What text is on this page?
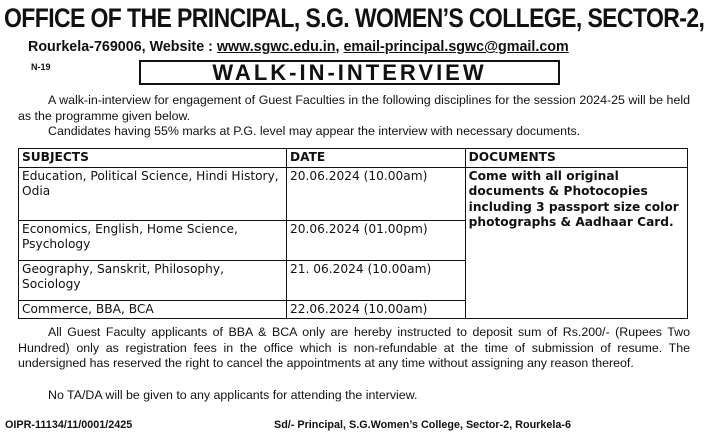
OFFICE OF THE PRINCIPAL, S.G. WOMEN’S COLLEGE, SECTOR-2,
Rourkela-769006, Website : www.sgwc.edu.in, email-principal.sgwc@gmail.com
N-19	WALK-IN-INTERVIEW
A walk-in-interview for engagement of Guest Faculties in the following disciplines for the session 2024-25 will be held as the programme given below.
Candidates having 55% marks at P.G. level may appear the interview with necessary documents.
SUBJECTS	DATE	DOCUMENTS
Education, Political Science, Hindi History, Odia	20.06.2024 (10.00am)	Come with all original documents & Photocopies including 3 passport size color photographs & Aadhaar Card.
Economics, English, Home Science, Psychology	20.06.2024 (01.00pm)	
Geography, Sanskrit, Philosophy, Sociology	21. 06.2024 (10.00am)	
Commerce, BBA, BCA	22.06.2024 (10.00am)	
All Guest Faculty applicants of BBA & BCA only are hereby instructed to deposit sum of Rs.200/- (Rupees Two Hundred) only as registration fees in the office which is non-refundable at the time of submission of resume. The undersigned has reserved the right to cancel the appointments at any time without assigning any reason thereof.
No TA/DA will be given to any applicants for attending the interview.
OIPR-11134/11/0001/2425	Sd/- Principal, S.G.Women’s College, Sector-2, Rourkela-6
